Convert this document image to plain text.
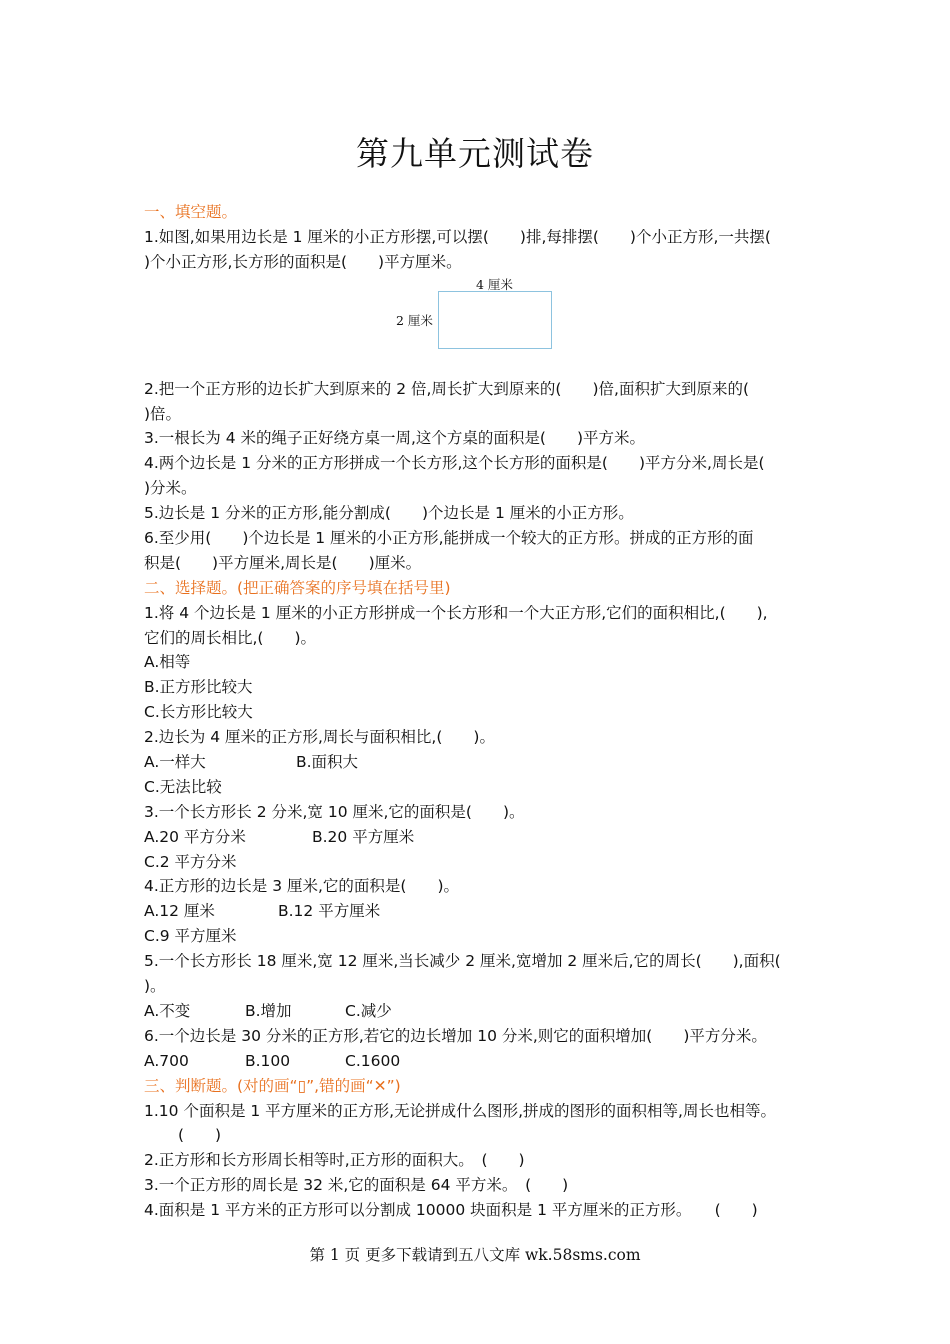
第九单元测试卷
一、填空题。
1.如图,如果用边长是 1 厘米的小正方形摆,可以摆(　　)排,每排摆(　　)个小正方形,一共摆(
)个小正方形,长方形的面积是(　　)平方厘米。
4 厘米
2 厘米
2.把一个正方形的边长扩大到原来的 2 倍,周长扩大到原来的(　　)倍,面积扩大到原来的(
)倍。
3.一根长为 4 米的绳子正好绕方桌一周,这个方桌的面积是(　　)平方米。
4.两个边长是 1 分米的正方形拼成一个长方形,这个长方形的面积是(　　)平方分米,周长是(
)分米。
5.边长是 1 分米的正方形,能分割成(　　)个边长是 1 厘米的小正方形。
6.至少用(　　)个边长是 1 厘米的小正方形,能拼成一个较大的正方形。拼成的正方形的面
积是(　　)平方厘米,周长是(　　)厘米。
二、选择题。(把正确答案的序号填在括号里)
1.将 4 个边长是 1 厘米的小正方形拼成一个长方形和一个大正方形,它们的面积相比,(　　),
它们的周长相比,(　　)。
A.相等
B.正方形比较大
C.长方形比较大
2.边长为 4 厘米的正方形,周长与面积相比,(　　)。
A.一样大	B.面积大
C.无法比较
3.一个长方形长 2 分米,宽 10 厘米,它的面积是(　　)。
A.20 平方分米	B.20 平方厘米
C.2 平方分米
4.正方形的边长是 3 厘米,它的面积是(　　)。
A.12 厘米	B.12 平方厘米
C.9 平方厘米
5.一个长方形长 18 厘米,宽 12 厘米,当长减少 2 厘米,宽增加 2 厘米后,它的周长(　　),面积(
)。
A.不变	B.增加	C.减少
6.一个边长是 30 分米的正方形,若它的边长增加 10 分米,则它的面积增加(　　)平方分米。
A.700	B.100	C.1600
三、判断题。(对的画“▯”,错的画“✕”)
1.10 个面积是 1 平方厘米的正方形,无论拼成什么图形,拼成的图形的面积相等,周长也相等。
(　　)
2.正方形和长方形周长相等时,正方形的面积大。　(　　)
3.一个正方形的周长是 32 米,它的面积是 64 平方米。　(　　)
4.面积是 1 平方米的正方形可以分割成 10000 块面积是 1 平方厘米的正方形。　　(　　)
第 1 页 更多下载请到五八文库 wk.58sms.com
